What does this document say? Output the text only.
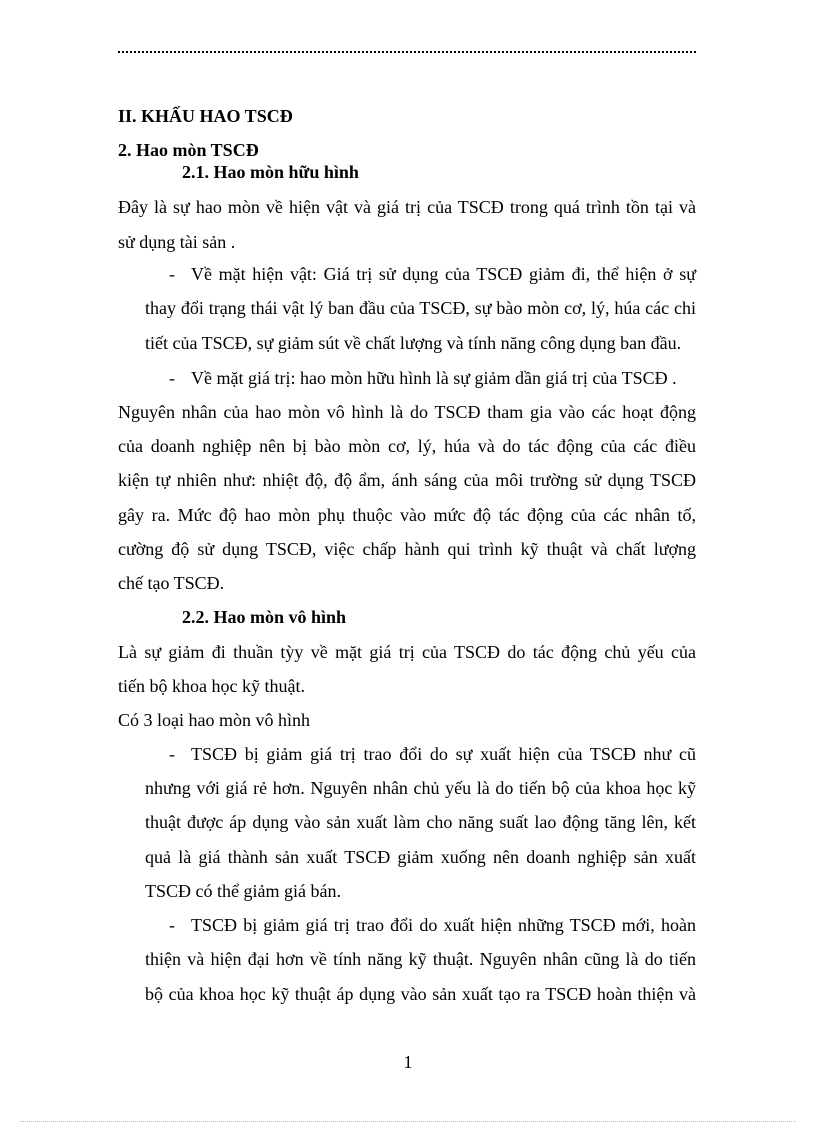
II. KHẤU HAO TSCĐ
2. Hao mòn TSCĐ
2.1. Hao mòn hữu hình
Đây là sự hao mòn về hiện vật và giá trị của TSCĐ trong quá trình tồn tại và
sử dụng tài sản .
- Về mặt hiện vật: Giá trị sử dụng của TSCĐ giảm đi, thể hiện ở sự
thay đổi trạng thái vật lý ban đầu của TSCĐ, sự bào mòn cơ, lý, húa các chi
tiết của TSCĐ, sự giảm sút về chất lượng và tính năng công dụng ban đầu.
- Về mặt giá trị: hao mòn hữu hình là sự giảm dần giá trị của TSCĐ .
Nguyên nhân của hao mòn vô hình là do TSCĐ tham gia vào các hoạt động
của doanh nghiệp nên bị bào mòn cơ, lý, húa và do tác động của các điều
kiện tự nhiên như: nhiệt độ, độ ẩm, ánh sáng của môi trường sử dụng TSCĐ
gây ra. Mức độ hao mòn phụ thuộc vào mức độ tác động của các nhân tố,
cường độ sử dụng TSCĐ, việc chấp hành qui trình kỹ thuật và chất lượng
chế tạo TSCĐ.
2.2. Hao mòn vô hình
Là sự giảm đi thuần tỳy về mặt giá trị của TSCĐ do tác động chủ yếu của
tiến bộ khoa học kỹ thuật.
Có 3 loại hao mòn vô hình
- TSCĐ bị giảm giá trị trao đổi do sự xuất hiện của TSCĐ như cũ
nhưng với giá rẻ hơn. Nguyên nhân chủ yếu là do tiến bộ của khoa học kỹ
thuật được áp dụng vào sản xuất làm cho năng suất lao động tăng lên, kết
quả là giá thành sản xuất TSCĐ giảm xuống nên doanh nghiệp sản xuất
TSCĐ có thể giảm giá bán.
- TSCĐ bị giảm giá trị trao đổi do xuất hiện những TSCĐ mới, hoàn
thiện và hiện đại hơn về tính năng kỹ thuật. Nguyên nhân cũng là do tiến
bộ của khoa học kỹ thuật áp dụng vào sản xuất tạo ra TSCĐ hoàn thiện và
1
